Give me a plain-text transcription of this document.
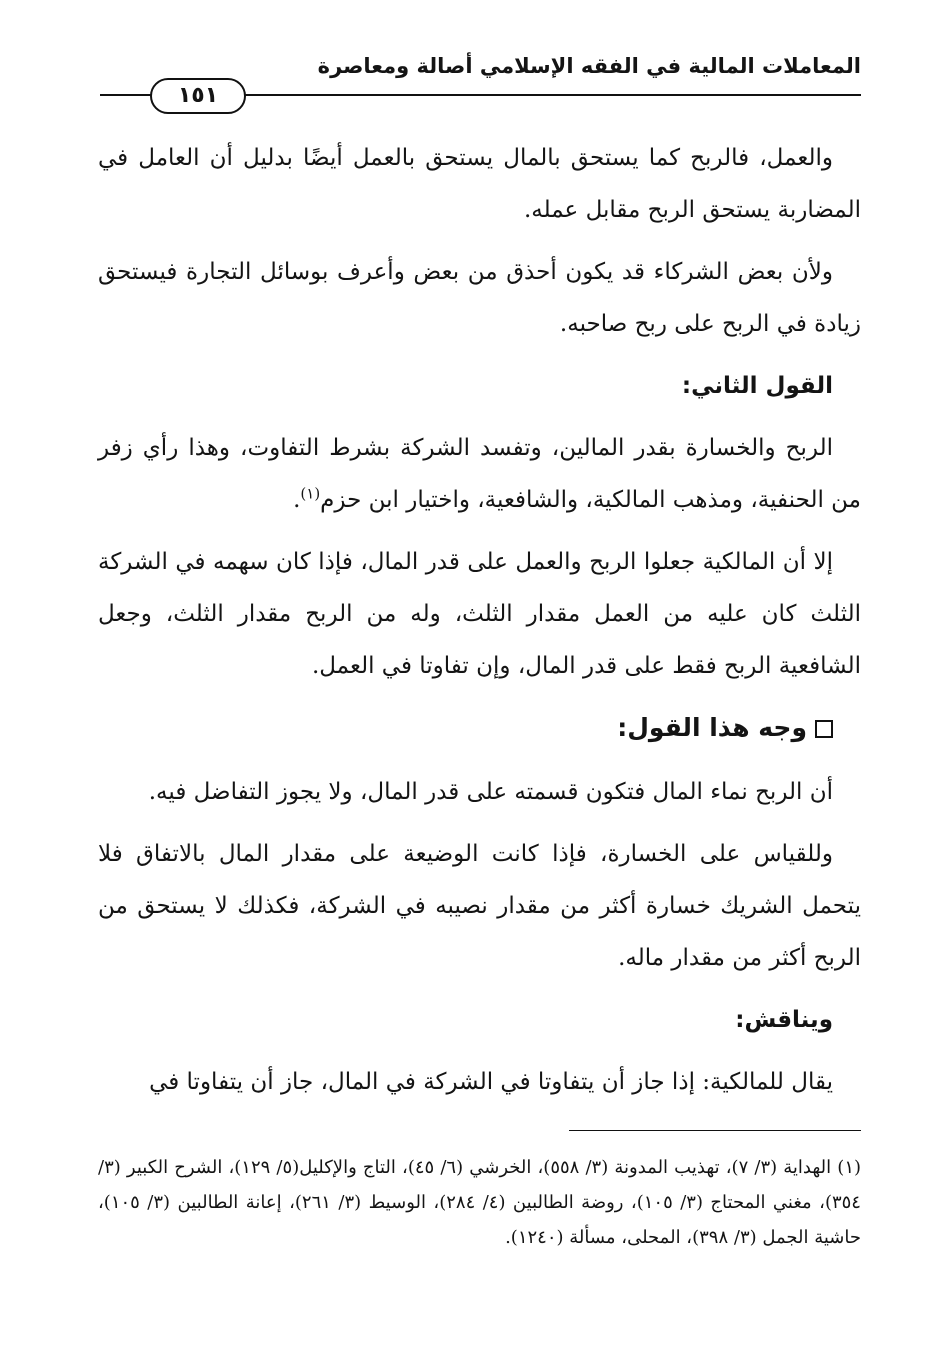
المعاملات المالية في الفقه الإسلامي أصالة ومعاصرة
١٥١

والعمل، فالربح كما يستحق بالمال يستحق بالعمل أيضًا بدليل أن العامل في المضاربة يستحق الربح مقابل عمله.

ولأن بعض الشركاء قد يكون أحذق من بعض وأعرف بوسائل التجارة فيستحق زيادة في الربح على ربح صاحبه.

القول الثاني:

الربح والخسارة بقدر المالين، وتفسد الشركة بشرط التفاوت، وهذا رأي زفر من الحنفية، ومذهب المالكية، والشافعية، واختيار ابن حزم$^{(١)}$.

إلا أن المالكية جعلوا الربح والعمل على قدر المال، فإذا كان سهمه في الشركة الثلث كان عليه من العمل مقدار الثلث، وله من الربح مقدار الثلث، وجعل الشافعية الربح فقط على قدر المال، وإن تفاوتا في العمل.

وجه هذا القول:

أن الربح نماء المال فتكون قسمته على قدر المال، ولا يجوز التفاضل فيه.

وللقياس على الخسارة، فإذا كانت الوضيعة على مقدار المال بالاتفاق فلا يتحمل الشريك خسارة أكثر من مقدار نصيبه في الشركة، فكذلك لا يستحق من الربح أكثر من مقدار ماله.

ويناقش:

يقال للمالكية: إذا جاز أن يتفاوتا في الشركة في المال، جاز أن يتفاوتا في

(١) الهداية (٣/ ٧)، تهذيب المدونة (٣/ ٥٥٨)، الخرشي (٦/ ٤٥)، التاج والإكليل(٥/ ١٢٩)، الشرح الكبير (٣/ ٣٥٤)، مغني المحتاج (٣/ ١٠٥)، روضة الطالبين (٤/ ٢٨٤)، الوسيط (٣/ ٢٦١)، إعانة الطالبين (٣/ ١٠٥)، حاشية الجمل (٣/ ٣٩٨)، المحلى، مسألة (١٢٤٠).
